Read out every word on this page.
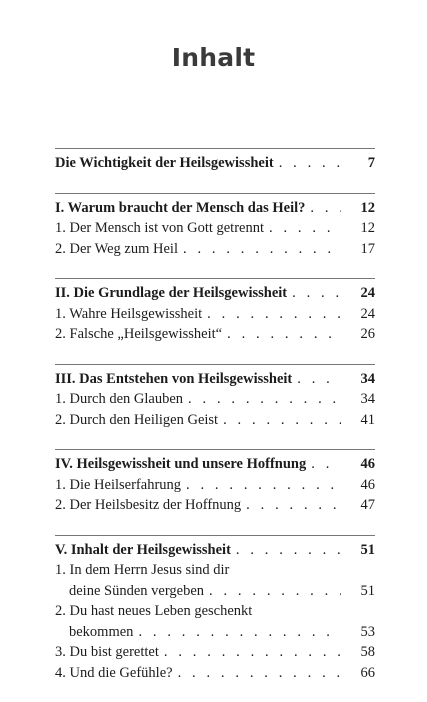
Inhalt
Die Wichtigkeit der Heilsgewissheit . . .	7
I. Warum braucht der Mensch das Heil? . . .	12
1. Der Mensch ist von Gott getrennt . . .	12
2. Der Weg zum Heil . . .	17
II. Die Grundlage der Heilsgewissheit . . .	24
1. Wahre Heilsgewissheit . . .	24
2. Falsche „Heilsgewissheit“ . . .	26
III. Das Entstehen von Heilsgewissheit . . .	34
1. Durch den Glauben . . .	34
2. Durch den Heiligen Geist . . .	41
IV. Heilsgewissheit und unsere Hoffnung . . .	46
1. Die Heilserfahrung . . .	46
2. Der Heilsbesitz der Hoffnung . . .	47
V. Inhalt der Heilsgewissheit . . .	51
1. In dem Herrn Jesus sind dir
deine Sünden vergeben . . .	51
2. Du hast neues Leben geschenkt
bekommen . . .	53
3. Du bist gerettet . . .	58
4. Und die Gefühle? . . .	66
